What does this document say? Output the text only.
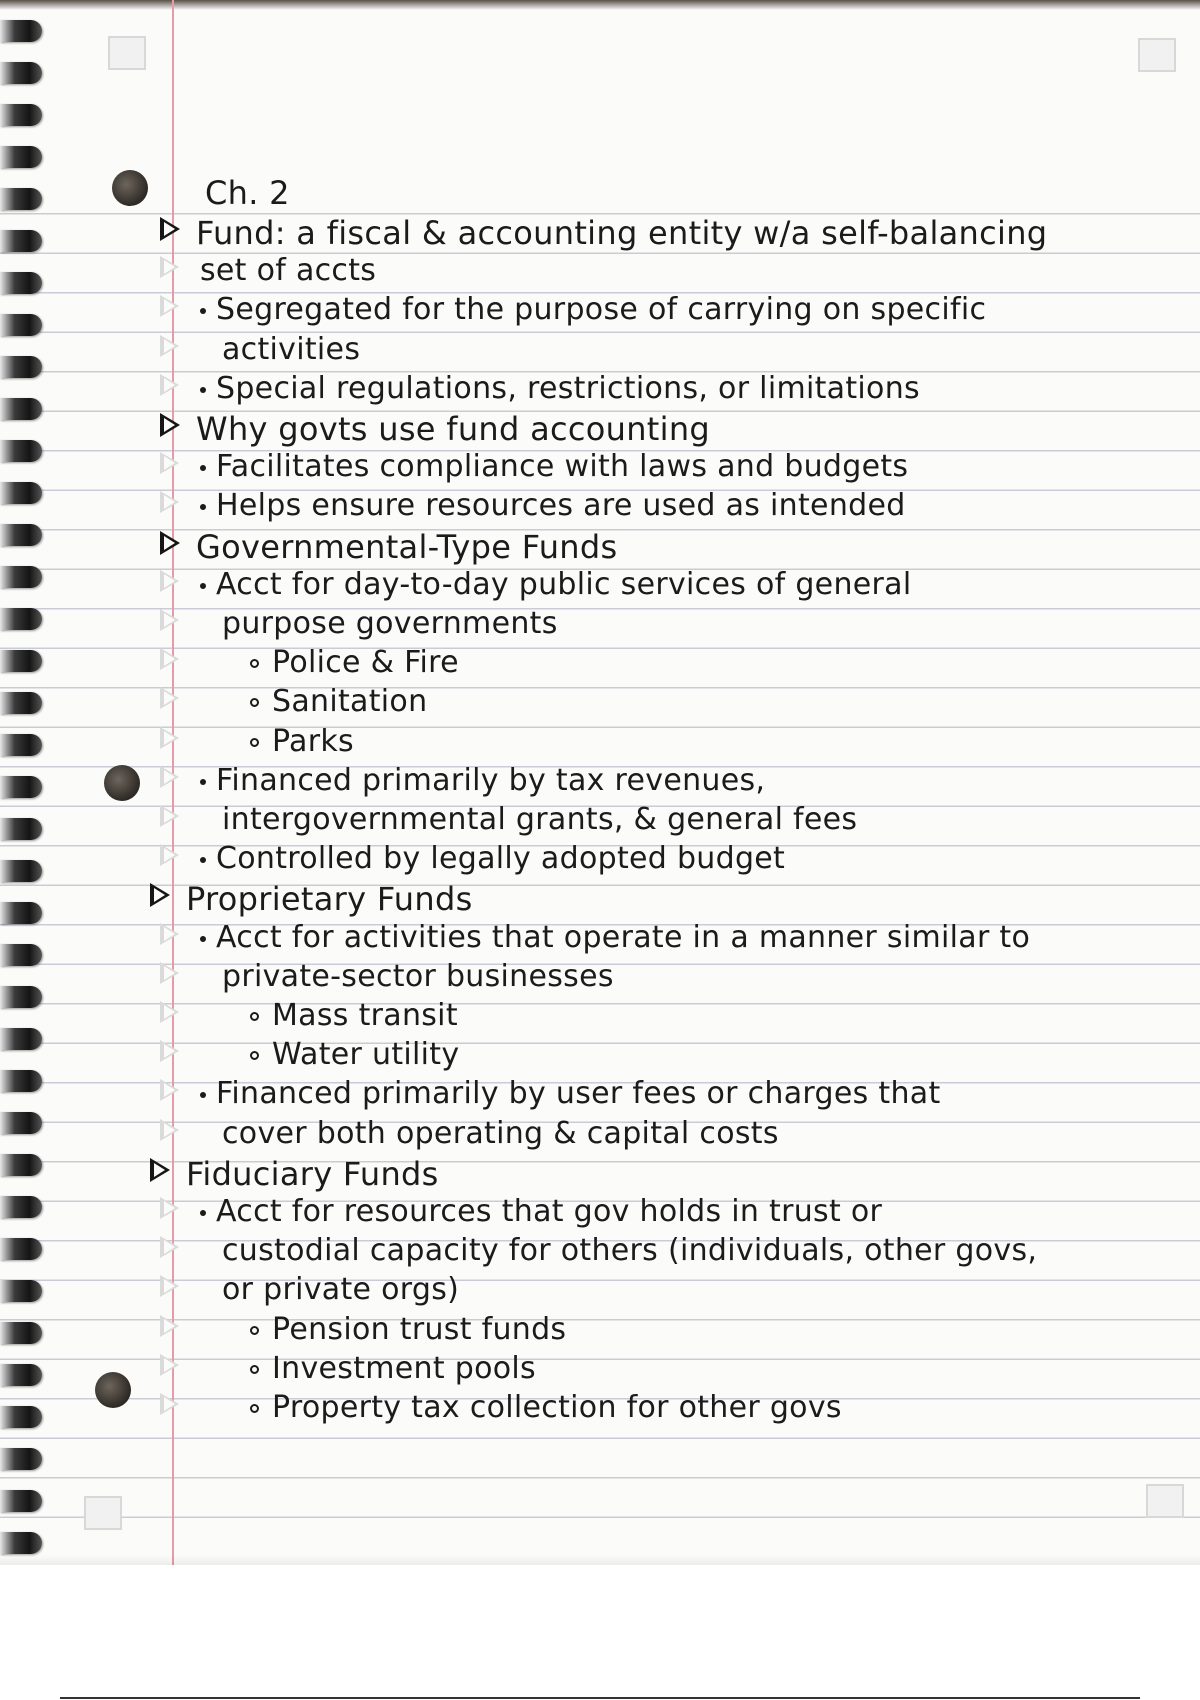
Ch. 2
Fund: a fiscal & accounting entity w/a self-balancing
set of accts
Segregated for the purpose of carrying on specific
activities
Special regulations, restrictions, or limitations
Why govts use fund accounting
Facilitates compliance with laws and budgets
Helps ensure resources are used as intended
Governmental-Type Funds
Acct for day-to-day public services of general
purpose governments
Police & Fire
Sanitation
Parks
Financed primarily by tax revenues,
intergovernmental grants, & general fees
Controlled by legally adopted budget
Proprietary Funds
Acct for activities that operate in a manner similar to
private-sector businesses
Mass transit
Water utility
Financed primarily by user fees or charges that
cover both operating & capital costs
Fiduciary Funds
Acct for resources that gov holds in trust or
custodial capacity for others (individuals, other govs,
or private orgs)
Pension trust funds
Investment pools
Property tax collection for other govs
